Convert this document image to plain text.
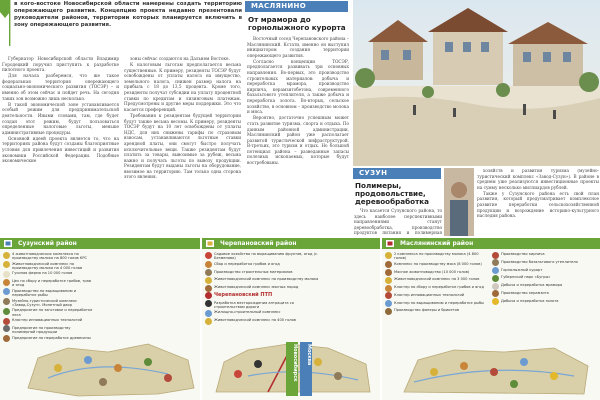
в кого-востоке Новосибирской области намерены создать территорию опережающего развития. Концепцию проекта недавно презентовали руководители районов, территории которых планируется включить в зону опережающего развития.

Губернатор Новосибирской области Владимир Городецкий поручил приступить к разработке пилотного проекта.

Для начала разберемся, что же такое федеральная территория опережающего социально-экономического развития (ТОСЭР) – и именно об этом сейчас и пойдет речь. На сегодня таких зон возможно лишь несколько.

В такой экономической зоне устанавливается особый режим для предпринимательской деятельности. Иными словами, там, где будет создан этот режим, будут пользоваться определенные налоговые льготы, меньше административные процедуры.

Основной идеей проекта является то, что на территориях района будут созданы благоприятные условия для привлечения инвестиций и развития экономики Российской Федерации. Подобные экономические

зоны сейчас создаются на Дальнем Востоке.

К налоговым льготам предполагается весьма существенные. К примеру, резиденты ТОСЭР будут освобождены от уплаты налога на имущество, земельного налога, снижен размер налога на прибыль с 18 до 13,5 процента. Кроме того, резиденты получат субсидии на уплату процентной ставки по кредитам и лизинговым платежам. Предусмотрены и другие меры поддержки. Это что касается преференций.

Требования к резидентам будущей территории будут также весьма весомы. К примеру, резиденты ТОСЭР будут на 10 лет освобождены от уплаты НДС, для них снижены тарифы по страховым взносам, устанавливаются льготные ставки арендной платы, они смогут быстро получать исключительные вещи. Также резидентам будут платить за товары, вывозимые за рубеж, весьма важно и получать льготы по вывозу продукции. Резидентам будут выданы льготы на оборудование, ввозимое на территорию. Там только одна сторона этого явления.

МАСЛЯНИНО
От мрамора до горнолыжного курорта

Восточный сосед Черепановского района – Маслянинский. Кстати, именно он выступил инициатором создания территории опережающего развития.

Согласно концепции ТОСЭР, предполагается развивать три основных направления. Во-первых, это производство строительных материалов: добыча и переработка мрамора, производство кирпича, керамзитобетона, современного базальтового утеплителя, а также добыча и переработка золота. Во-вторых, сельское хозяйство, в основном – производство молока и мяса.

Вероятно, достаточно успешным может стать развитие туризма, спорта и отдыха. По данным районной администрации, Маслянинский район уже располагает развитой туристической инфраструктурой. В-третьих, это туризм и отдых. Но большой потенциал района – разведанные запасы полезных ископаемых, которые будут востребованы.

СУЗУН
Полимеры, продовольствие, деревообработка

Что касается Сузунского района, то здесь наиболее перспективными направлениями станут деревообработка, производство продуктов питания и полимерная

хозяйств и развития туризма (музейно-туристический комплекс «Завод-Сузун»). В районе в среднем уже реализуются инвестиционные проекты на сумму несколько миллиардов рублей.

Также у Сузунского района есть свой план развития, который предусматривает комплексное развитие переработки сельскохозяйственной продукции и возрождение историко-культурного наследия района.

Сузунский район
4 животноводческих комплекса по производству молока на 800 голов КРС
Животноводческий комплекс по производству молока на 4 000 голов
Гусиная ферма на 10 000 голов
Цех по сбору и переработке грибов, трав и ягод
Производство по выращиванию и переработке рыбы
Музейно-туристический комплекс «Завод-Сузун». Монетный двор
Предприятие по заготовке и переработке леса
Кластер инновационных технологий
Предприятие по производству полимерной продукции
Предприятие по переработке древесины
Черепановский район
Садовое хозяйство по выращиванию фруктов, ягод (с. Безменово)
Сбор и переработка грибов и ягод
Производство строительных материалов
Животноводческий комплекс по производству молока
Животноводческий комплекс мясных пород
Черепановский ПТП
Разработка месторождения антрацита со строительством дороги
Жилищно-строительный комплекс
Животноводческий комплекс на 400 голов
Новосибирск Москва
Маслянинский район
2 комплекса по производству молока (4 800 голов)
Комплекс по производству мяса (8 000 голов)
Мясное животноводство (10 000 голов)
Животноводческий комплекс на 3 000 голов
Кластер по сбору и переработке грибов и ягод
Кластер инновационных технологий
Кластер по выращиванию и переработке рыбы
Производство фанеры и брикетов
Производство кирпича
Производство базальтового утеплителя
Горнолыжный курорт
Губернский парк «Бугры»
Добыча и переработка мрамора
Производство керамзита
Добыча и переработка золота
